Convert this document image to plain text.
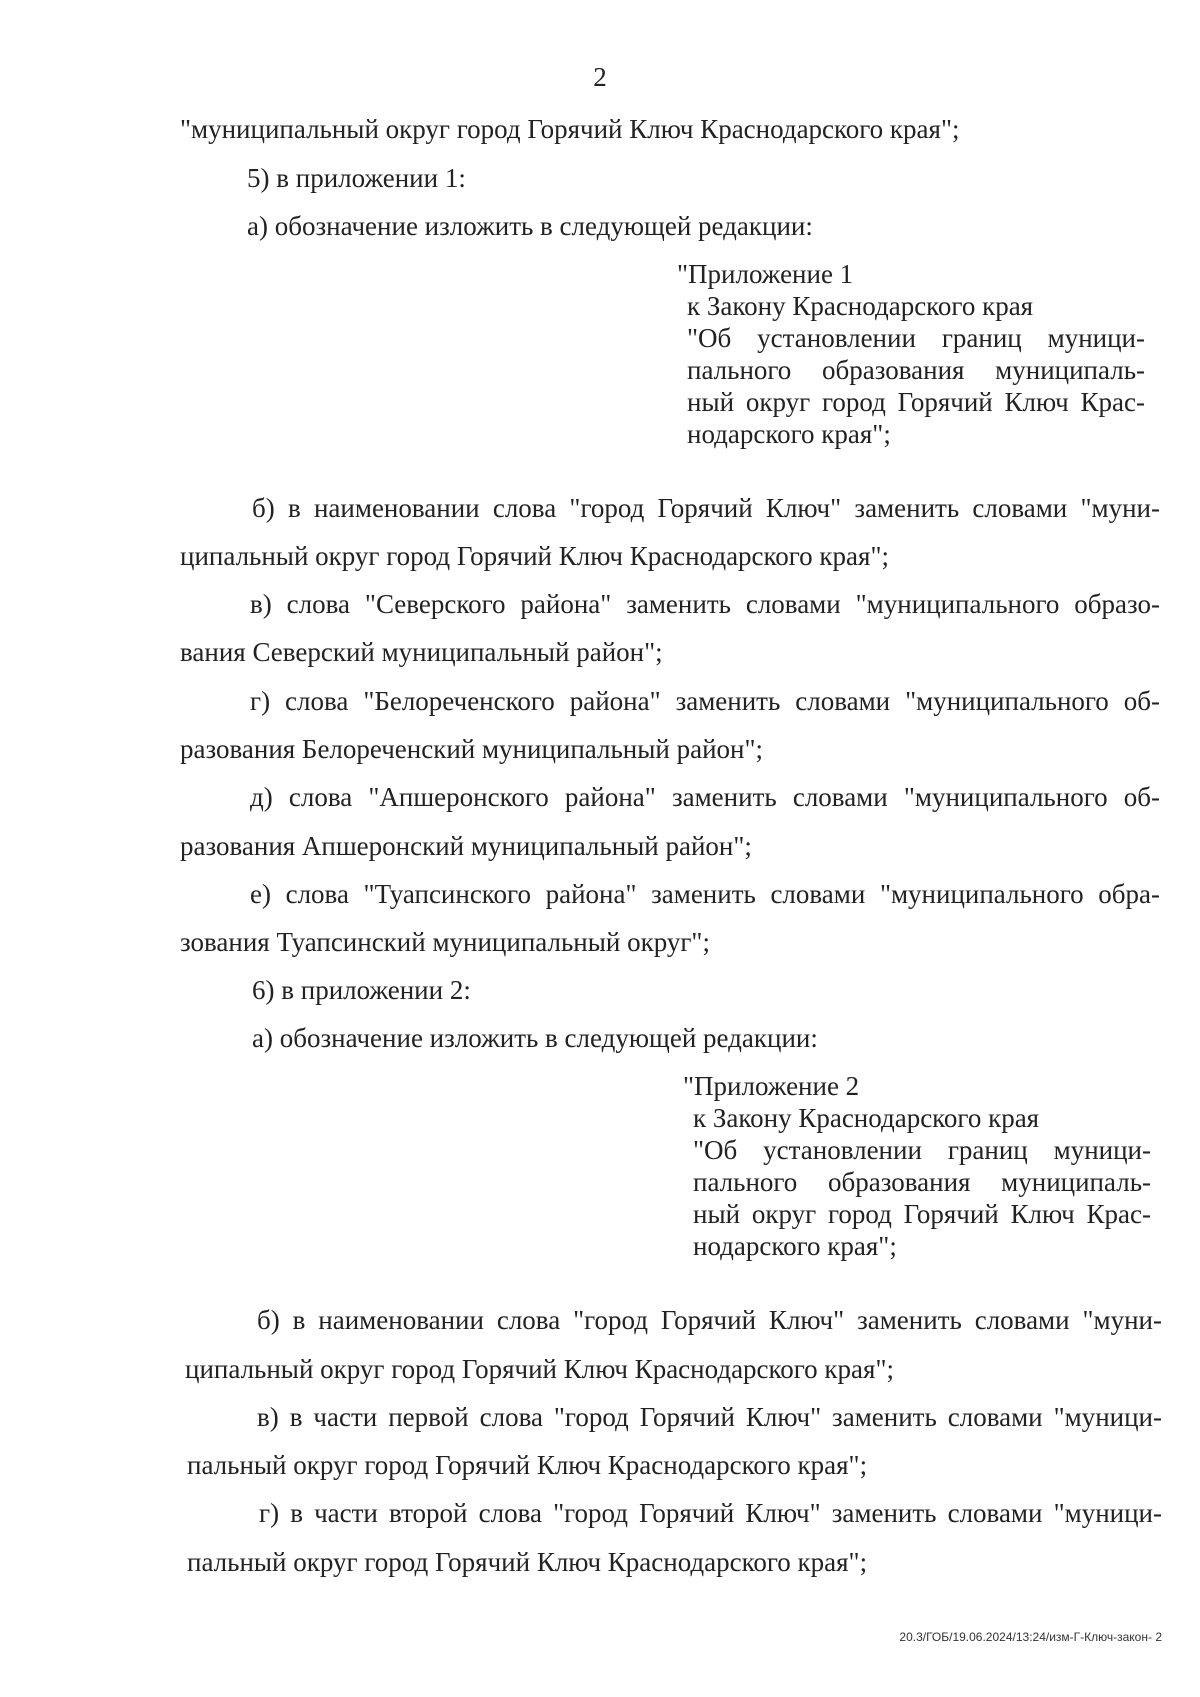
2
"муниципальный округ город Горячий Ключ Краснодарского края";
5) в приложении 1:
а) обозначение изложить в следующей редакции:
"Приложение 1
к Закону Краснодарского края
"Об установлении границ муници-
пального образования муниципаль-
ный округ город Горячий Ключ Крас-
нодарского края";
б) в наименовании слова "город Горячий Ключ" заменить словами "муни-
ципальный округ город Горячий Ключ Краснодарского края";
в) слова "Северского района" заменить словами "муниципального образо-
вания Северский муниципальный район";
г) слова "Белореченского района" заменить словами "муниципального об-
разования Белореченский муниципальный район";
д) слова "Апшеронского района" заменить словами "муниципального об-
разования Апшеронский муниципальный район";
е) слова "Туапсинского района" заменить словами "муниципального обра-
зования Туапсинский муниципальный округ";
6) в приложении 2:
а) обозначение изложить в следующей редакции:
"Приложение 2
к Закону Краснодарского края
"Об установлении границ муници-
пального образования муниципаль-
ный округ город Горячий Ключ Крас-
нодарского края";
б) в наименовании слова "город Горячий Ключ" заменить словами "муни-
ципальный округ город Горячий Ключ Краснодарского края";
в) в части первой слова "город Горячий Ключ" заменить словами "муници-
пальный округ город Горячий Ключ Краснодарского края";
г) в части второй слова "город Горячий Ключ" заменить словами "муници-
пальный округ город Горячий Ключ Краснодарского края";
20.3/ГОБ/19.06.2024/13:24/изм-Г-Ключ-закон- 2
